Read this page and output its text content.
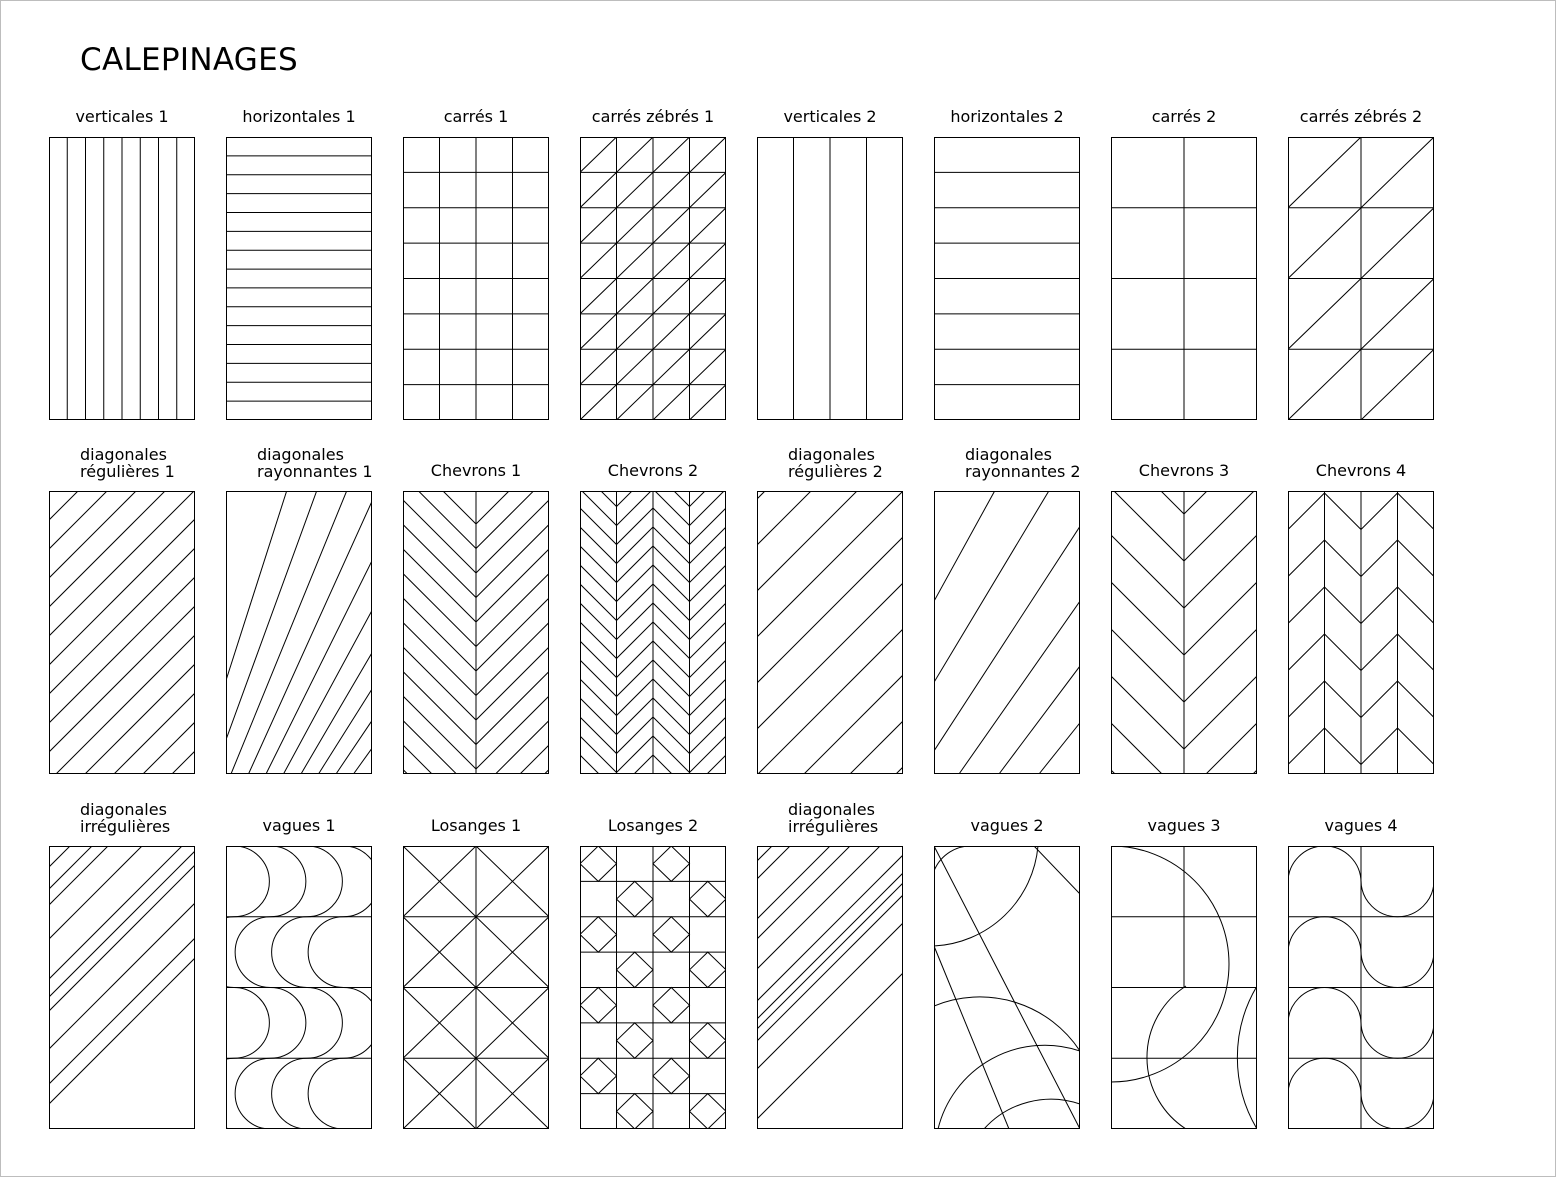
CALEPINAGES
verticales 1	horizontales 1	carrés 1	carrés zébrés 1	verticales 2	horizontales 2	carrés 2	carrés zébrés 2
diagonales
régulières 1
diagonales
rayonnantes 1	Chevrons 1	Chevrons 2
diagonales
régulières 2
diagonales
rayonnantes 2	Chevrons 3	Chevrons 4
diagonales
irrégulières	vagues 1	Losanges 1	Losanges 2
diagonales
irrégulières	vagues 2	vagues 3	vagues 4
